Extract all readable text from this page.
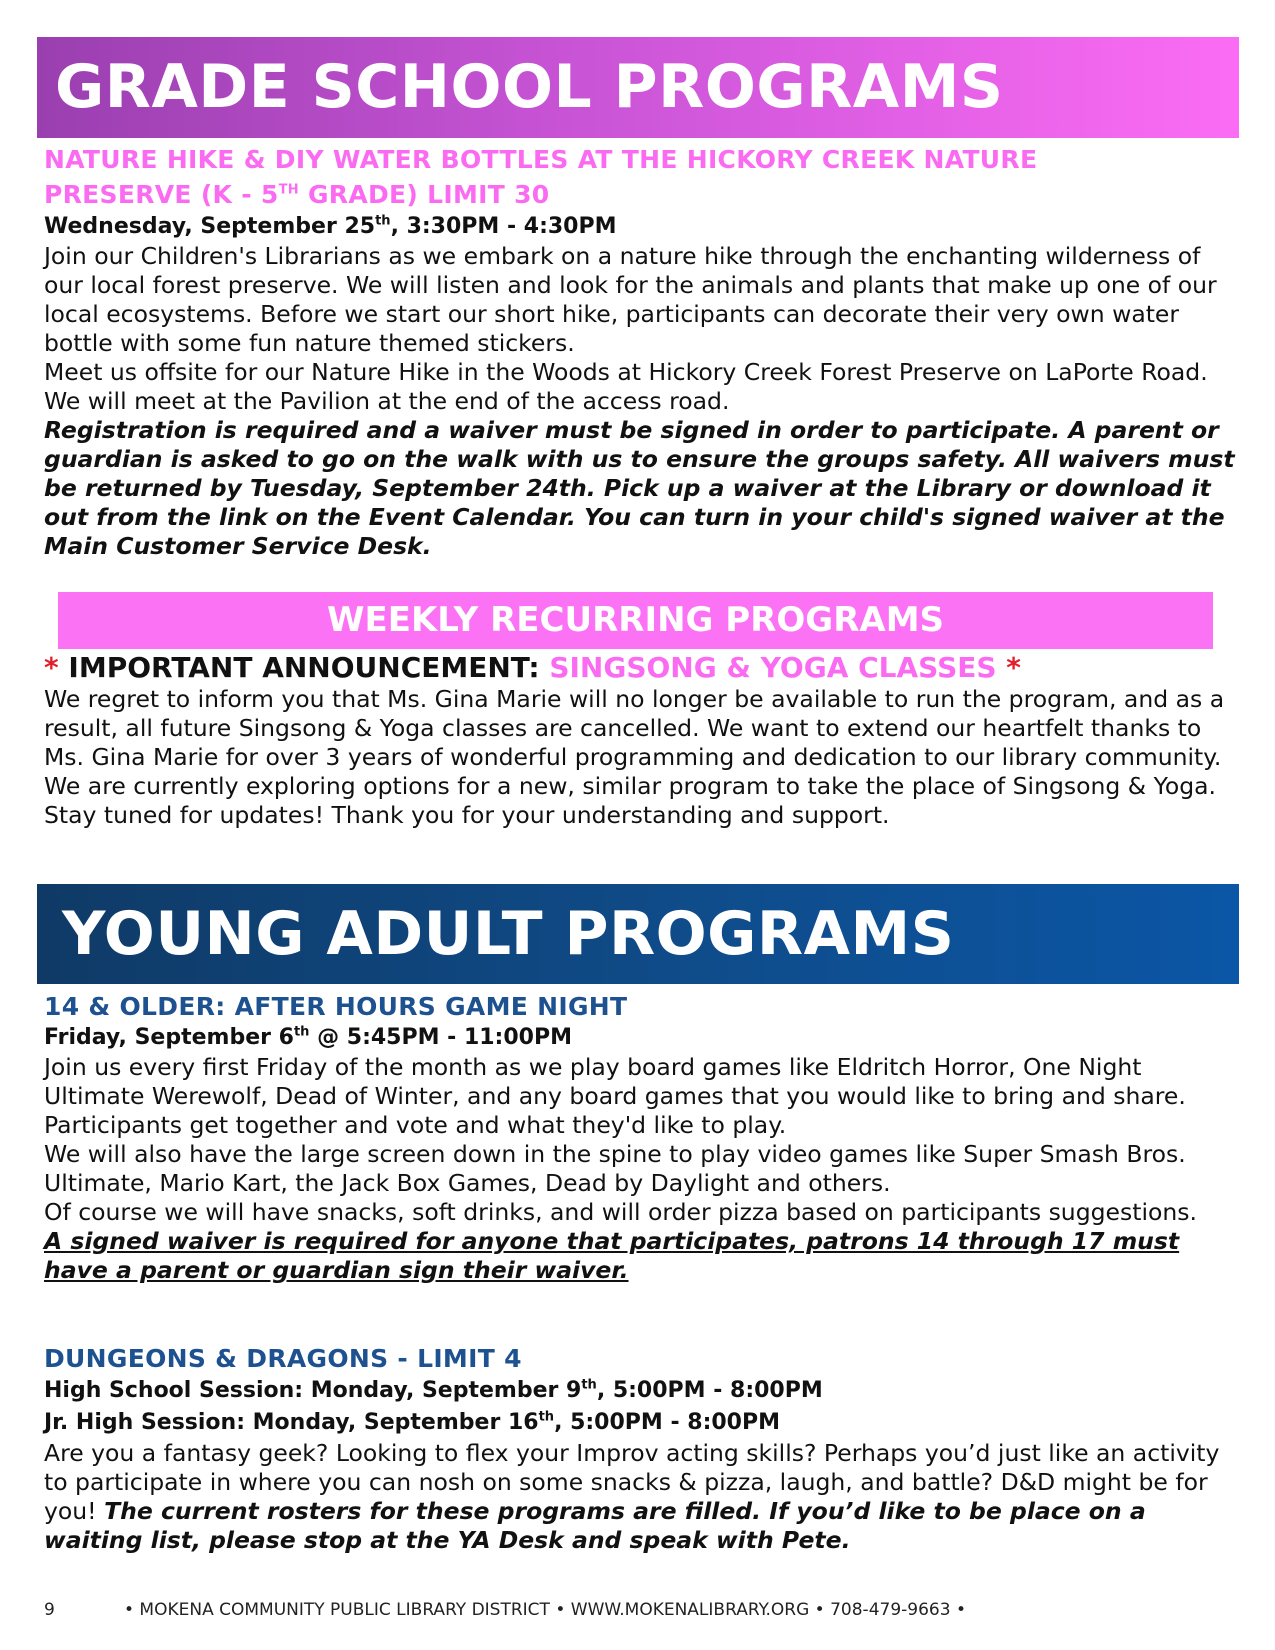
GRADE SCHOOL PROGRAMS
NATURE HIKE & DIY WATER BOTTLES AT THE HICKORY CREEK NATURE
PRESERVE (K - 5TH GRADE) LIMIT 30
Wednesday, September 25th, 3:30PM - 4:30PM
Join our Children's Librarians as we embark on a nature hike through the enchanting wilderness of our local forest preserve. We will listen and look for the animals and plants that make up one of our local ecosystems. Before we start our short hike, participants can decorate their very own water bottle with some fun nature themed stickers.
Meet us offsite for our Nature Hike in the Woods at Hickory Creek Forest Preserve on LaPorte Road. We will meet at the Pavilion at the end of the access road.
Registration is required and a waiver must be signed in order to participate. A parent or guardian is asked to go on the walk with us to ensure the groups safety. All waivers must be returned by Tuesday, September 24th. Pick up a waiver at the Library or download it out from the link on the Event Calendar. You can turn in your child's signed waiver at the Main Customer Service Desk.
WEEKLY RECURRING PROGRAMS
* IMPORTANT ANNOUNCEMENT: SINGSONG & YOGA CLASSES *
We regret to inform you that Ms. Gina Marie will no longer be available to run the program, and as a result, all future Singsong & Yoga classes are cancelled. We want to extend our heartfelt thanks to Ms. Gina Marie for over 3 years of wonderful programming and dedication to our library community. We are currently exploring options for a new, similar program to take the place of Singsong & Yoga. Stay tuned for updates! Thank you for your understanding and support.
YOUNG ADULT PROGRAMS
14 & OLDER: AFTER HOURS GAME NIGHT
Friday, September 6th @ 5:45PM - 11:00PM
Join us every first Friday of the month as we play board games like Eldritch Horror, One Night Ultimate Werewolf, Dead of Winter, and any board games that you would like to bring and share. Participants get together and vote and what they'd like to play.
We will also have the large screen down in the spine to play video games like Super Smash Bros. Ultimate, Mario Kart, the Jack Box Games, Dead by Daylight and others.
Of course we will have snacks, soft drinks, and will order pizza based on participants suggestions.
A signed waiver is required for anyone that participates, patrons 14 through 17 must have a parent or guardian sign their waiver.
DUNGEONS & DRAGONS - LIMIT 4
High School Session: Monday, September 9th, 5:00PM - 8:00PM
Jr. High Session: Monday, September 16th, 5:00PM - 8:00PM
Are you a fantasy geek? Looking to flex your Improv acting skills? Perhaps you’d just like an activity to participate in where you can nosh on some snacks & pizza, laugh, and battle? D&D might be for you! The current rosters for these programs are filled. If you’d like to be place on a waiting list, please stop at the YA Desk and speak with Pete.
9	• MOKENA COMMUNITY PUBLIC LIBRARY DISTRICT • WWW.MOKENALIBRARY.ORG • 708-479-9663 •
